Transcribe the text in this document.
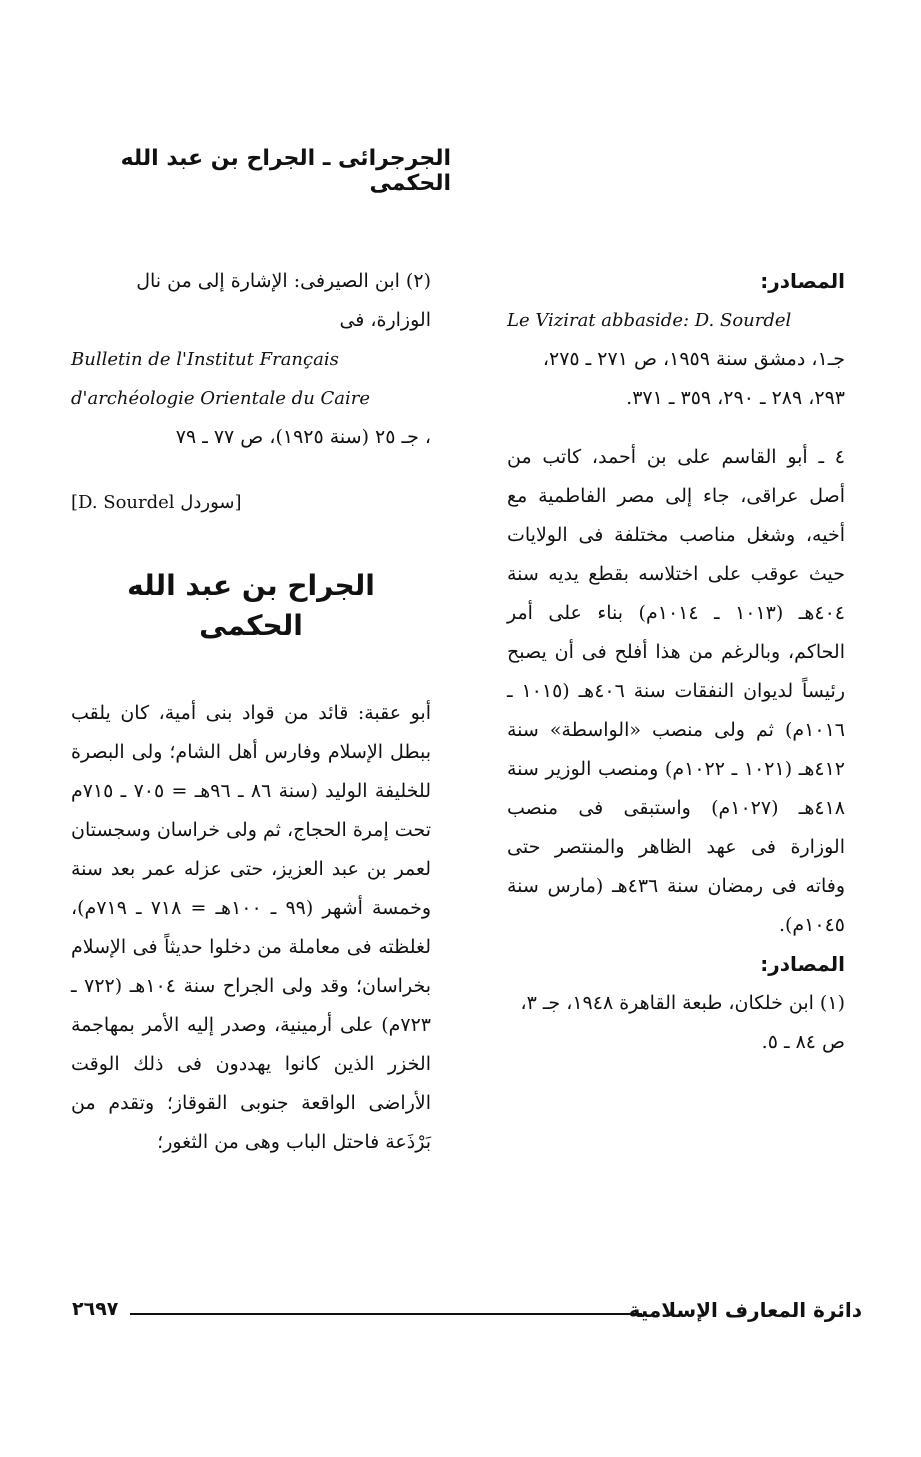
الجرجرائى ـ الجراح بن عبد الله الحكمى

المصادر:

Le Vizirat abbaside: D. Sourdel

جـ١، دمشق سنة ١٩٥٩، ص ٢٧١ ـ ٢٧٥، ٢٩٣، ٢٨٩ ـ ٢٩٠، ٣٥٩ ـ ٣٧١.

٤ ـ أبو القاسم على بن أحمد، كاتب من أصل عراقى، جاء إلى مصر الفاطمية مع أخيه، وشغل مناصب مختلفة فى الولايات حيث عوقب على اختلاسه بقطع يديه سنة ٤٠٤هـ (١٠١٣ ـ ١٠١٤م) بناء على أمر الحاكم، وبالرغم من هذا أفلح فى أن يصبح رئيساً لديوان النفقات سنة ٤٠٦هـ (١٠١٥ ـ ١٠١٦م) ثم ولى منصب «الواسطة» سنة ٤١٢هـ (١٠٢١ ـ ١٠٢٢م) ومنصب الوزير سنة ٤١٨هـ (١٠٢٧م) واستبقى فى منصب الوزارة فى عهد الظاهر والمنتصر حتى وفاته فى رمضان سنة ٤٣٦هـ (مارس سنة ١٠٤٥م).

المصادر:

(١) ابن خلكان، طبعة القاهرة ١٩٤٨، جـ ٣، ص ٨٤ ـ ٥.

(٢) ابن الصيرفى: الإشارة إلى من نال الوزارة، فى

Bulletin de l'Institut Français d'archéologie Orientale du Caire

، جـ ٢٥ (سنة ١٩٢٥)، ص ٧٧ ـ ٧٩

[D. Sourdel سوردل]

الجراح بن عبد الله الحكمى

أبو عقبة: قائد من قواد بنى أمية، كان يلقب ببطل الإسلام وفارس أهل الشام؛ ولى البصرة للخليفة الوليد (سنة ٨٦ ـ ٩٦هـ = ٧٠٥ ـ ٧١٥م تحت إمرة الحجاج، ثم ولى خراسان وسجستان لعمر بن عبد العزيز، حتى عزله عمر بعد سنة وخمسة أشهر (٩٩ ـ ١٠٠هـ = ٧١٨ ـ ٧١٩م)، لغلظته فى معاملة من دخلوا حديثاً فى الإسلام بخراسان؛ وقد ولى الجراح سنة ١٠٤هـ (٧٢٢ ـ ٧٢٣م) على أرمينية، وصدر إليه الأمر بمهاجمة الخزر الذين كانوا يهددون فى ذلك الوقت الأراضى الواقعة جنوبى القوقاز؛ وتقدم من بَرْذَعة فاحتل الباب وهى من الثغور؛

٢٦٩٧	دائرة المعارف الإسلامية
